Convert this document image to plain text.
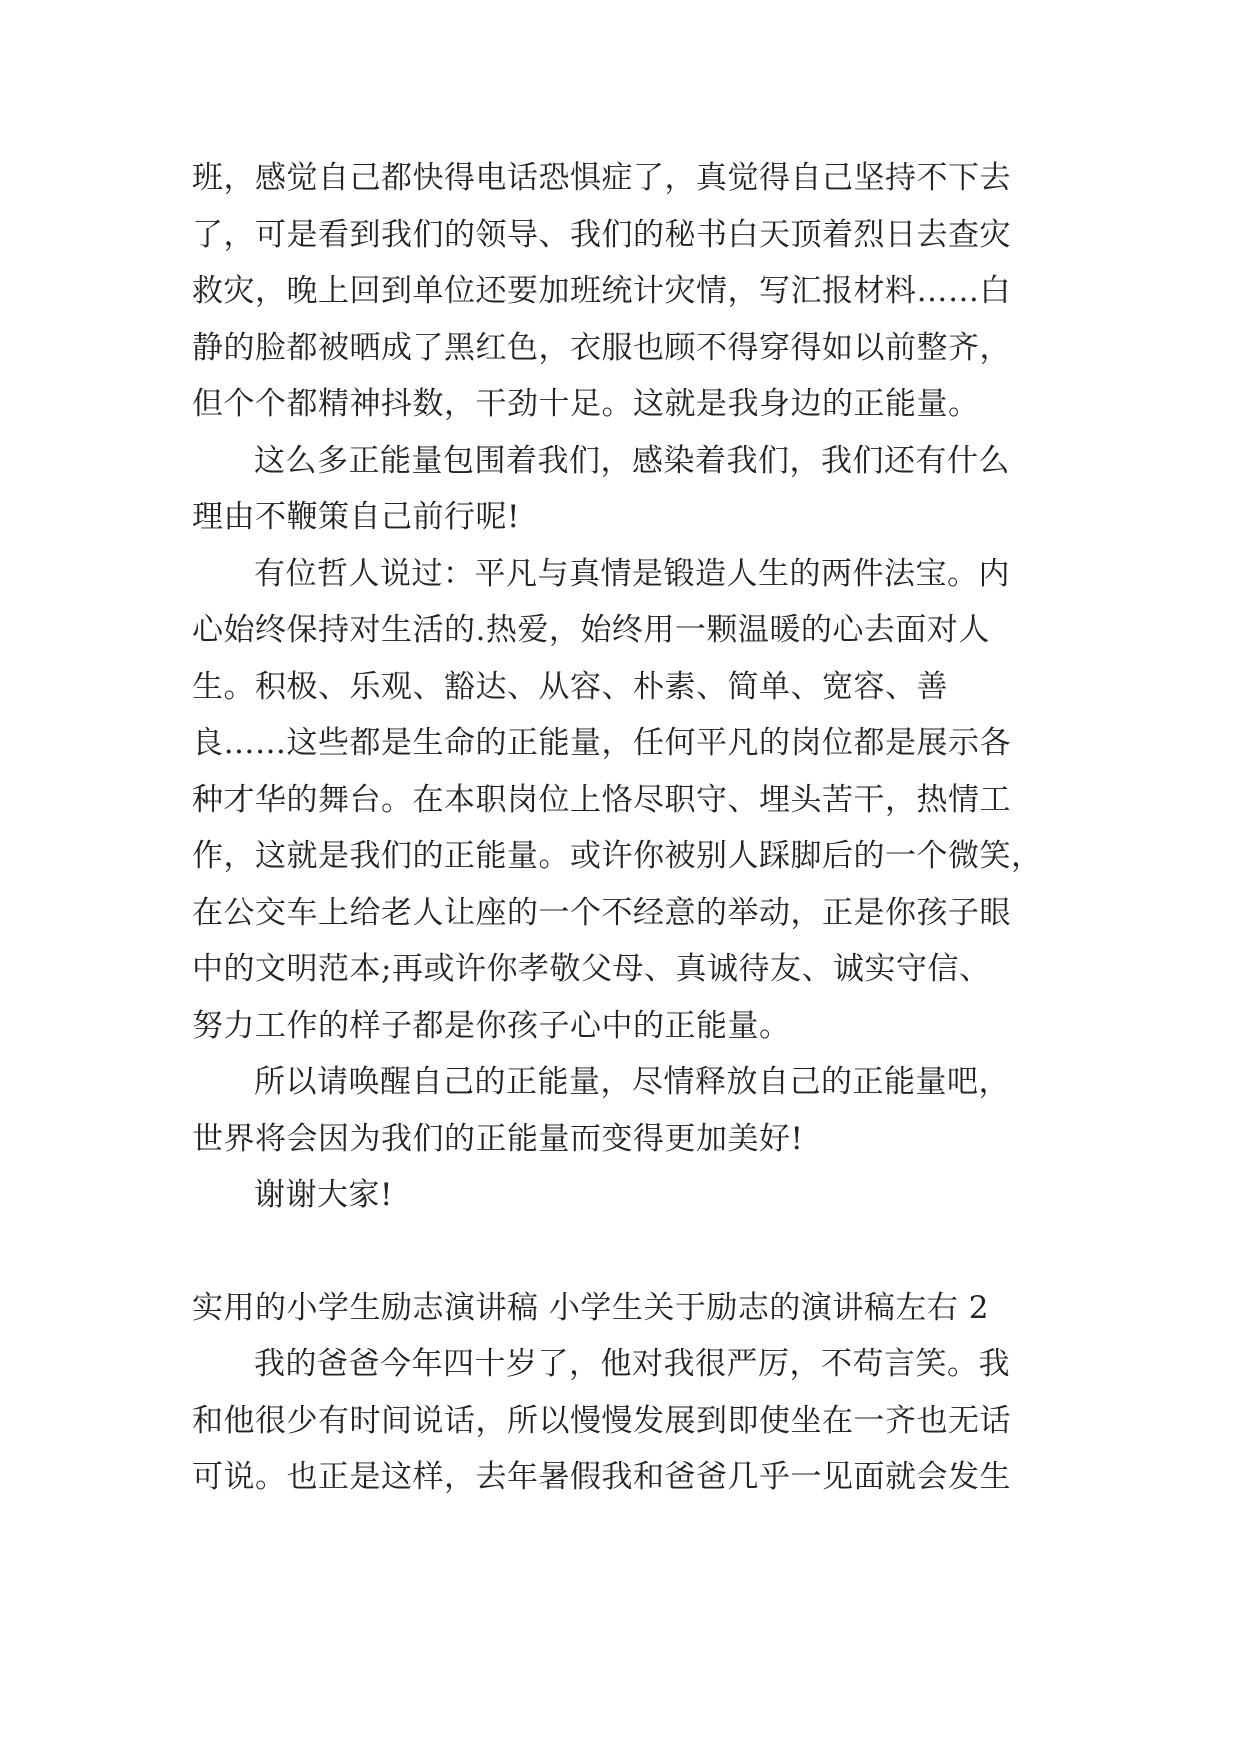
班，感觉自己都快得电话恐惧症了，真觉得自己坚持不下去
了，可是看到我们的领导、我们的秘书白天顶着烈日去查灾
救灾，晚上回到单位还要加班统计灾情，写汇报材料……白
静的脸都被晒成了黑红色，衣服也顾不得穿得如以前整齐，
但个个都精神抖数，干劲十足。这就是我身边的正能量。
这么多正能量包围着我们，感染着我们，我们还有什么
理由不鞭策自己前行呢!
有位哲人说过：平凡与真情是锻造人生的两件法宝。内
心始终保持对生活的.热爱，始终用一颗温暖的心去面对人
生。积极、乐观、豁达、从容、朴素、简单、宽容、善
良……这些都是生命的正能量，任何平凡的岗位都是展示各
种才华的舞台。在本职岗位上恪尽职守、埋头苦干，热情工
作，这就是我们的正能量。或许你被别人踩脚后的一个微笑，
在公交车上给老人让座的一个不经意的举动，正是你孩子眼
中的文明范本;再或许你孝敬父母、真诚待友、诚实守信、
努力工作的样子都是你孩子心中的正能量。
所以请唤醒自己的正能量，尽情释放自己的正能量吧，
世界将会因为我们的正能量而变得更加美好!
谢谢大家!
实用的小学生励志演讲稿 小学生关于励志的演讲稿左右 2
我的爸爸今年四十岁了，他对我很严厉，不苟言笑。我
和他很少有时间说话，所以慢慢发展到即使坐在一齐也无话
可说。也正是这样，去年暑假我和爸爸几乎一见面就会发生
